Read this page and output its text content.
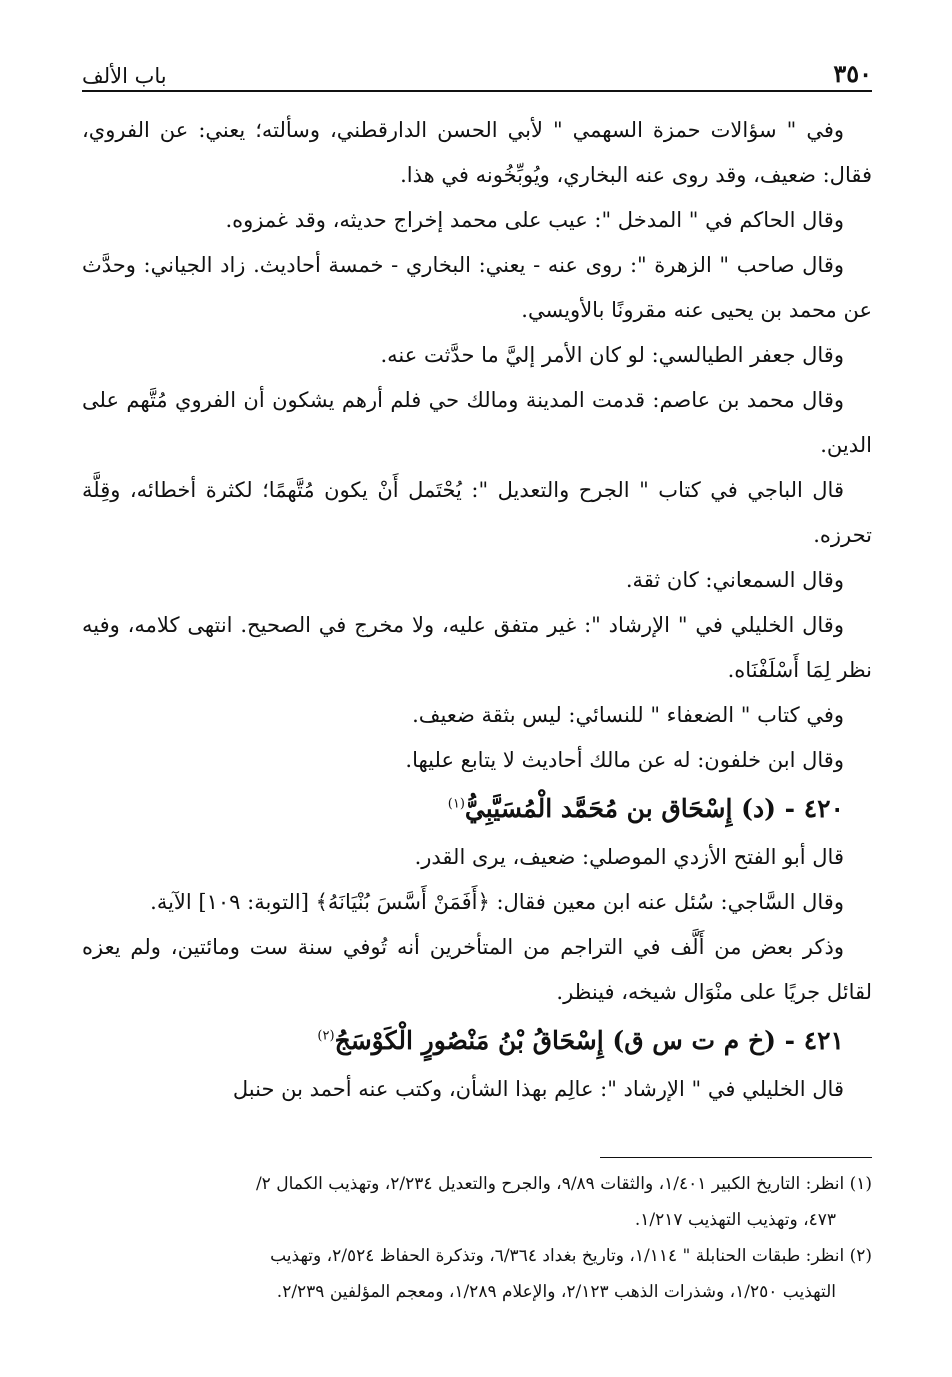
٣٥٠
باب الألف

وفي " سؤالات حمزة السهمي " لأبي الحسن الدارقطني، وسألته؛ يعني: عن الفروي، فقال: ضعيف، وقد روى عنه البخاري، ويُوبِّخُونه في هذا.

وقال الحاكم في " المدخل ": عيب على محمد إخراج حديثه، وقد غمزوه.

وقال صاحب " الزهرة ": روى عنه - يعني: البخاري - خمسة أحاديث. زاد الجياني: وحدَّث عن محمد بن يحيى عنه مقرونًا بالأويسي.

وقال جعفر الطيالسي: لو كان الأمر إليَّ ما حدَّثت عنه.

وقال محمد بن عاصم: قدمت المدينة ومالك حي فلم أرهم يشكون أن الفروي مُتَّهم على الدين.

قال الباجي في كتاب " الجرح والتعديل ": يُحْتَمل أَنْ يكون مُتَّهمًا؛ لكثرة أخطائه، وقِلَّة تحرزه.

وقال السمعاني: كان ثقة.

وقال الخليلي في " الإرشاد ": غير متفق عليه، ولا مخرج في الصحيح. انتهى كلامه، وفيه نظر لِمَا أَسْلَفْنَاه.

وفي كتاب " الضعفاء " للنسائي: ليس بثقة ضعيف.

وقال ابن خلفون: له عن مالك أحاديث لا يتابع عليها.

٤٢٠ - (د) إِسْحَاق بن مُحَمَّد الْمُسَيَّبِيُّ$^{(١)}$

قال أبو الفتح الأزدي الموصلي: ضعيف، يرى القدر.

وقال السَّاجي: سُئل عنه ابن معين فقال: ﴿أَفَمَنْ أَسَّسَ بُنْيَانَهُ﴾ [التوبة: ١٠٩] الآية.

وذكر بعض من أَلَّف في التراجم من المتأخرين أنه تُوفي سنة ست ومائتين، ولم يعزه لقائل جريًا على منْوَال شيخه، فينظر.

٤٢١ - (خ م ت س ق) إِسْحَاقُ بْنُ مَنْصُورٍ الْكَوْسَجُ$^{(٢)}$

قال الخليلي في " الإرشاد ": عالِم بهذا الشأن، وكتب عنه أحمد بن حنبل

(١) انظر: التاريخ الكبير ١/٤٠١، والثقات ٩/٨٩، والجرح والتعديل ٢/٢٣٤، وتهذيب الكمال ٢/

٤٧٣، وتهذيب التهذيب ١/٢١٧.

(٢) انظر: طبقات الحنابلة " ١/١١٤، وتاريخ بغداد ٦/٣٦٤، وتذكرة الحفاظ ٢/٥٢٤، وتهذيب

التهذيب ١/٢٥٠، وشذرات الذهب ٢/١٢٣، والإعلام ١/٢٨٩، ومعجم المؤلفين ٢/٢٣٩.
